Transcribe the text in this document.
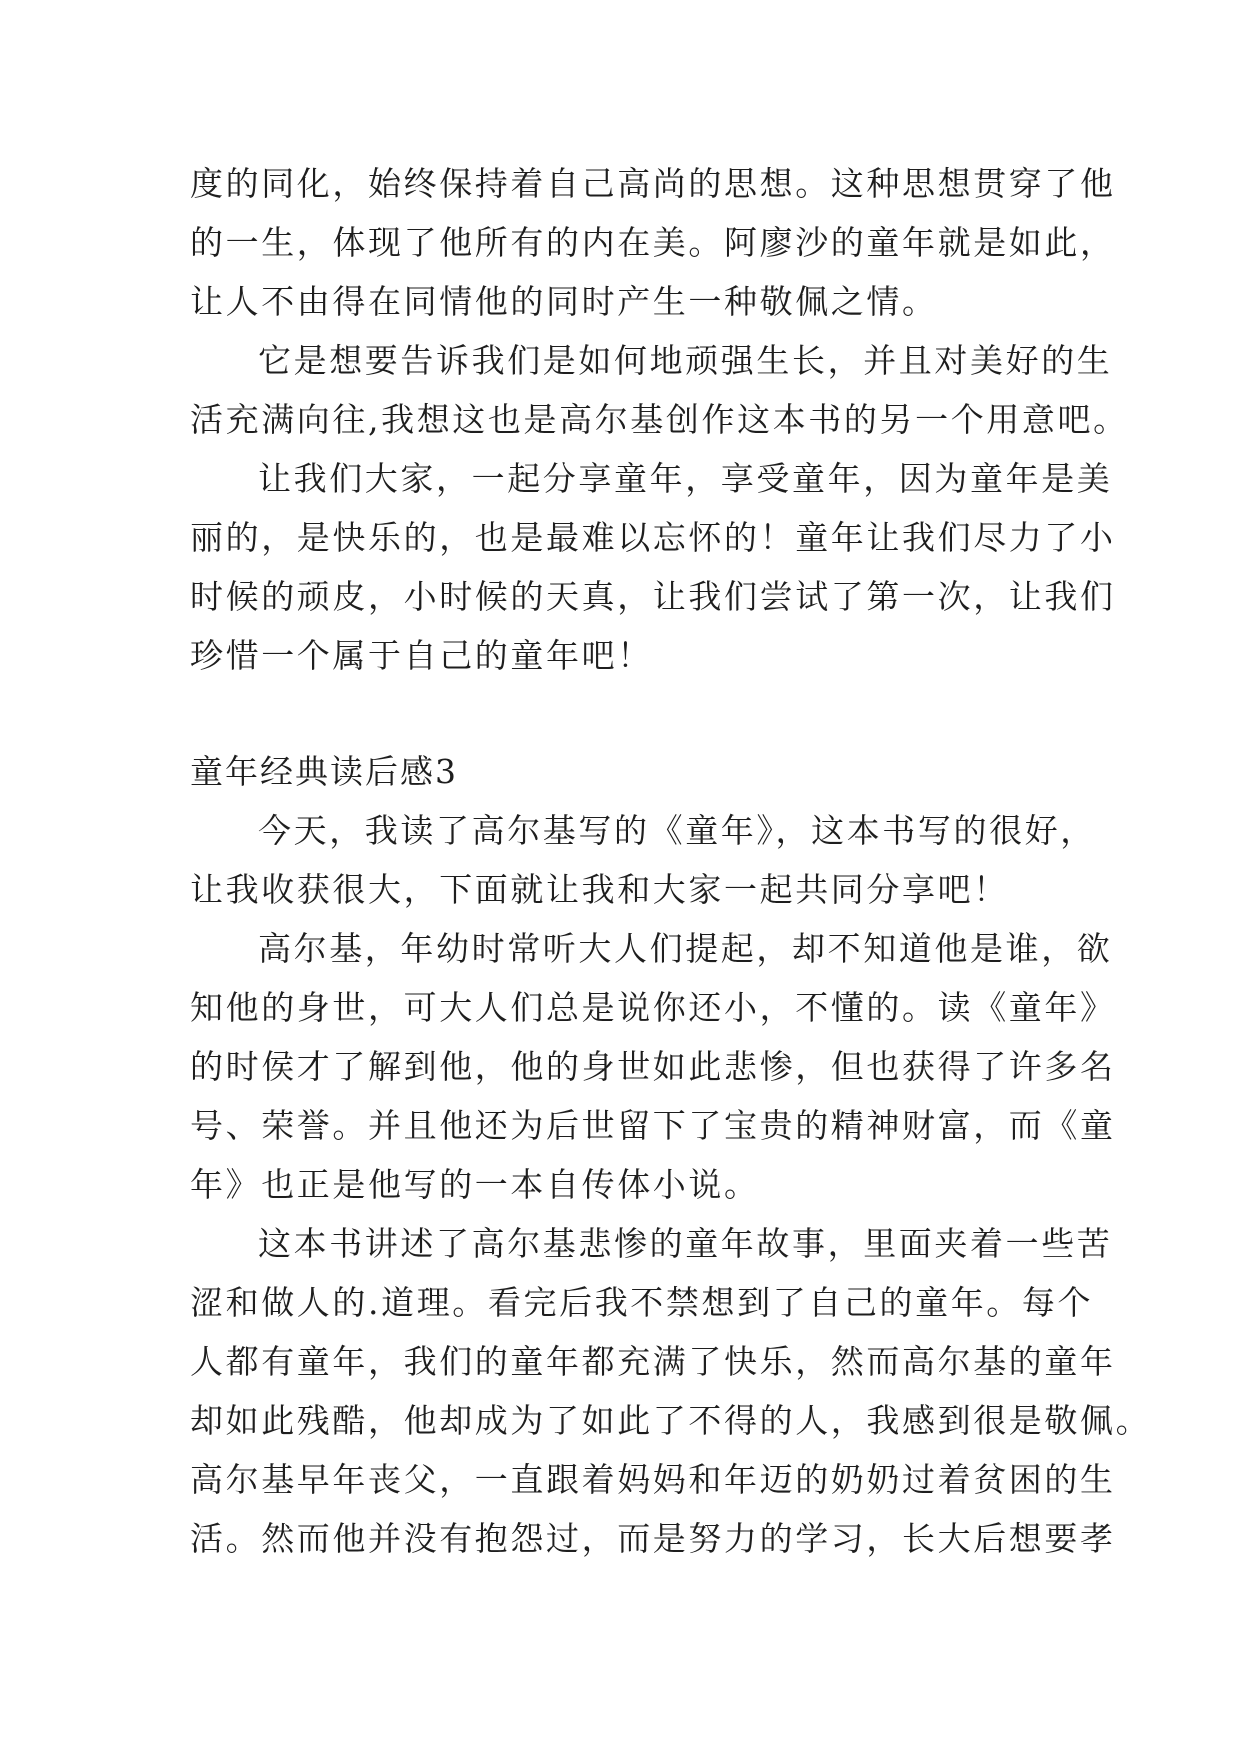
度的同化，始终保持着自己高尚的思想。这种思想贯穿了他

的一生，体现了他所有的内在美。阿廖沙的童年就是如此，

让人不由得在同情他的同时产生一种敬佩之情。

它是想要告诉我们是如何地顽强生长，并且对美好的生

活充满向往,我想这也是高尔基创作这本书的另一个用意吧。

让我们大家，一起分享童年，享受童年，因为童年是美

丽的，是快乐的，也是最难以忘怀的！童年让我们尽力了小

时候的顽皮，小时候的天真，让我们尝试了第一次，让我们

珍惜一个属于自己的童年吧！

童年经典读后感3

今天，我读了高尔基写的《童年》，这本书写的很好，

让我收获很大，下面就让我和大家一起共同分享吧！

高尔基，年幼时常听大人们提起，却不知道他是谁，欲

知他的身世，可大人们总是说你还小，不懂的。读《童年》

的时侯才了解到他，他的身世如此悲惨，但也获得了许多名

号、荣誉。并且他还为后世留下了宝贵的精神财富，而《童

年》也正是他写的一本自传体小说。

这本书讲述了高尔基悲惨的童年故事，里面夹着一些苦

涩和做人的.道理。看完后我不禁想到了自己的童年。每个

人都有童年，我们的童年都充满了快乐，然而高尔基的童年

却如此残酷，他却成为了如此了不得的人，我感到很是敬佩。

高尔基早年丧父，一直跟着妈妈和年迈的奶奶过着贫困的生

活。然而他并没有抱怨过，而是努力的学习，长大后想要孝
